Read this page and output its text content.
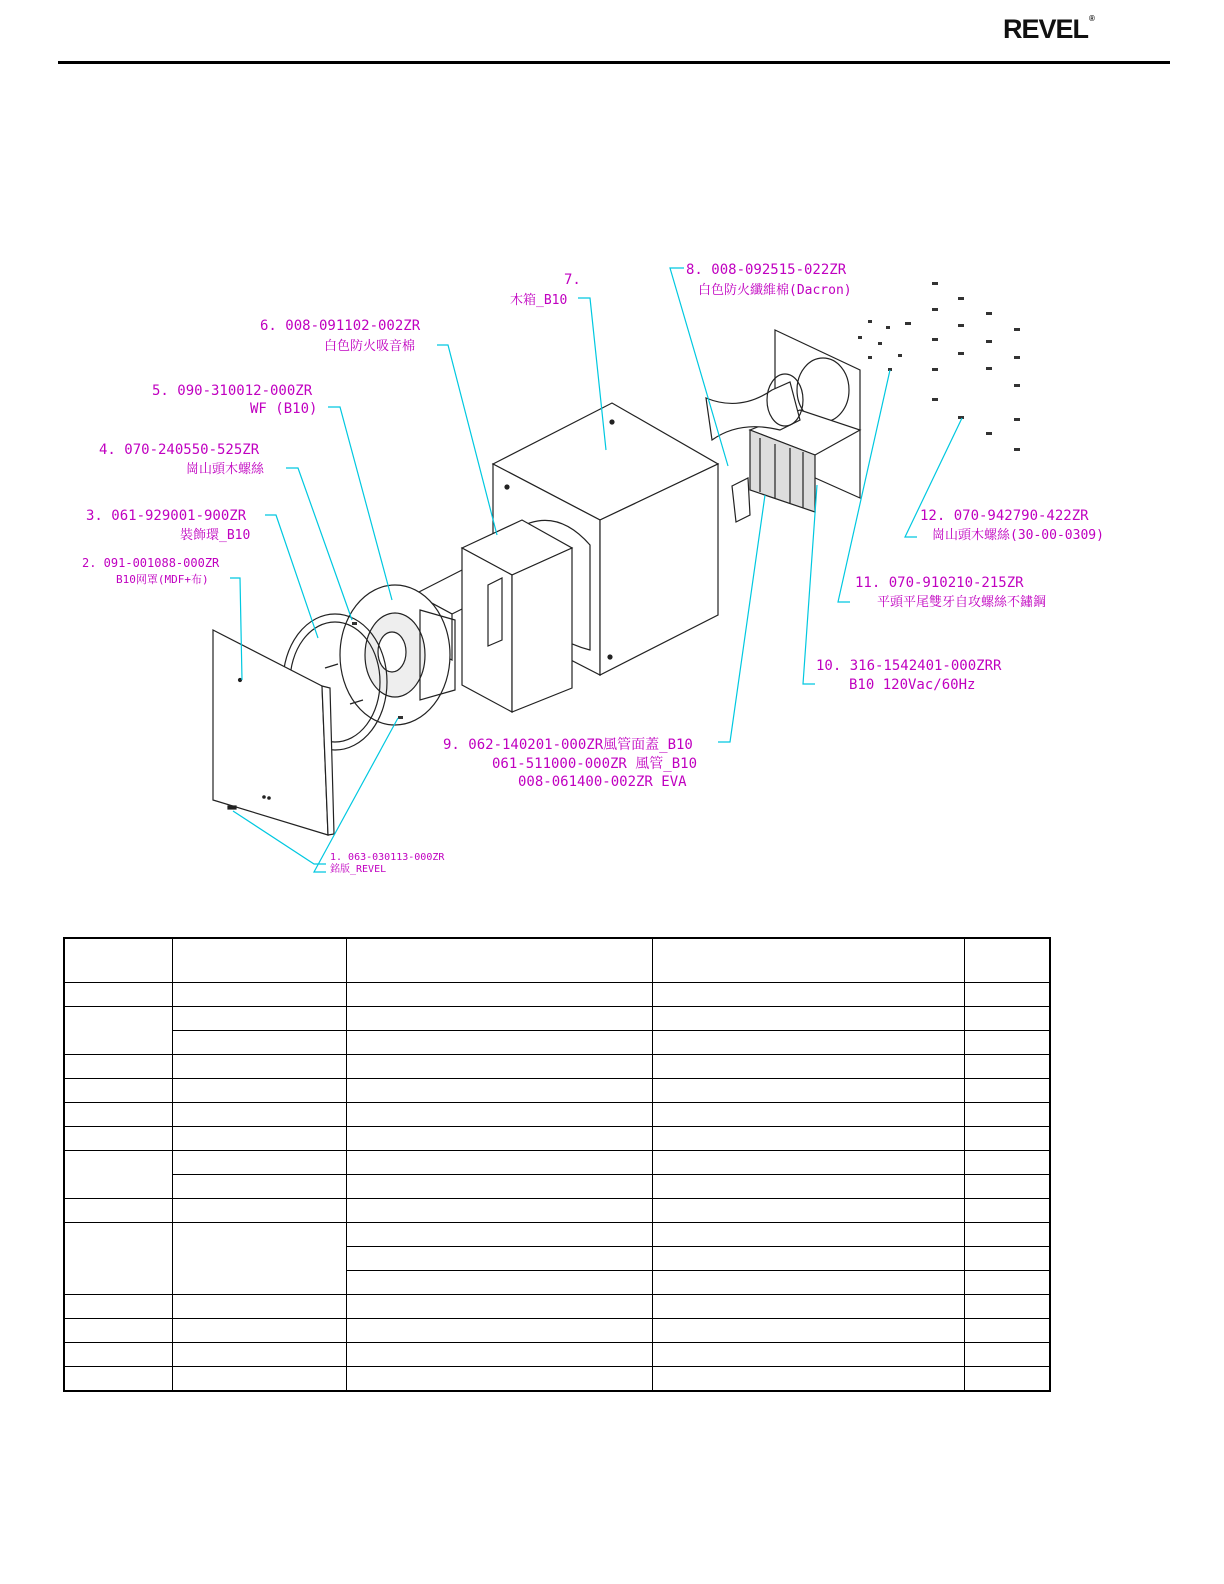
REVEL®
7.
木箱_B10
8. 008-092515-022ZR
白色防火纖維棉(Dacron)
6. 008-091102-002ZR
白色防火吸音棉
5. 090-310012-000ZR
WF (B10)
4. 070-240550-525ZR
崗山頭木螺絲
3. 061-929001-900ZR
裝飾環_B10
2. 091-001088-000ZR
B10网罩(MDF+布)
12. 070-942790-422ZR
崗山頭木螺絲(30-00-0309)
11. 070-910210-215ZR
平頭平尾雙牙自攻螺絲不鏽鋼
10. 316-1542401-000ZRR
B10 120Vac/60Hz
9. 062-140201-000ZR風管面蓋_B10
061-511000-000ZR 風管_B10
008-061400-002ZR EVA
1. 063-030113-000ZR
銘版_REVEL
